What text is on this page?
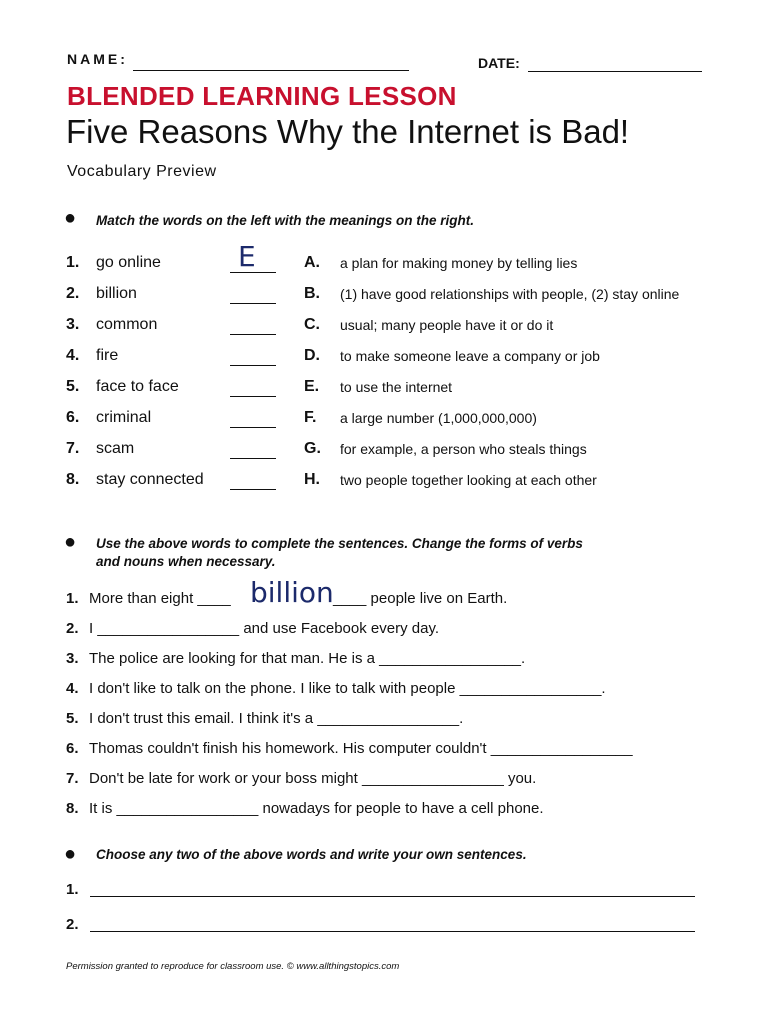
NAME:	DATE:
BLENDED LEARNING LESSON
Five Reasons Why the Internet is Bad!
Vocabulary Preview
● Match the words on the left with the meanings on the right.
1. go online	E	A. a plan for making money by telling lies
2. billion	B. (1) have good relationships with people, (2) stay online
3. common	C. usual; many people have it or do it
4. fire	D. to make someone leave a company or job
5. face to face	E. to use the internet
6. criminal	F. a large number (1,000,000,000)
7. scam	G. for example, a person who steals things
8. stay connected	H. two people together looking at each other
● Use the above words to complete the sentences. Change the forms of verbs
and nouns when necessary.
1. More than eight ____ billion ____ people live on Earth.
2. I _________________ and use Facebook every day.
3. The police are looking for that man. He is a _________________.
4. I don't like to talk on the phone. I like to talk with people _________________.
5. I don't trust this email. I think it's a _________________.
6. Thomas couldn't finish his homework. His computer couldn't _________________
7. Don't be late for work or your boss might _________________ you.
8. It is _________________ nowadays for people to have a cell phone.
● Choose any two of the above words and write your own sentences.
1.
2.
Permission granted to reproduce for classroom use. © www.allthingstopics.com
